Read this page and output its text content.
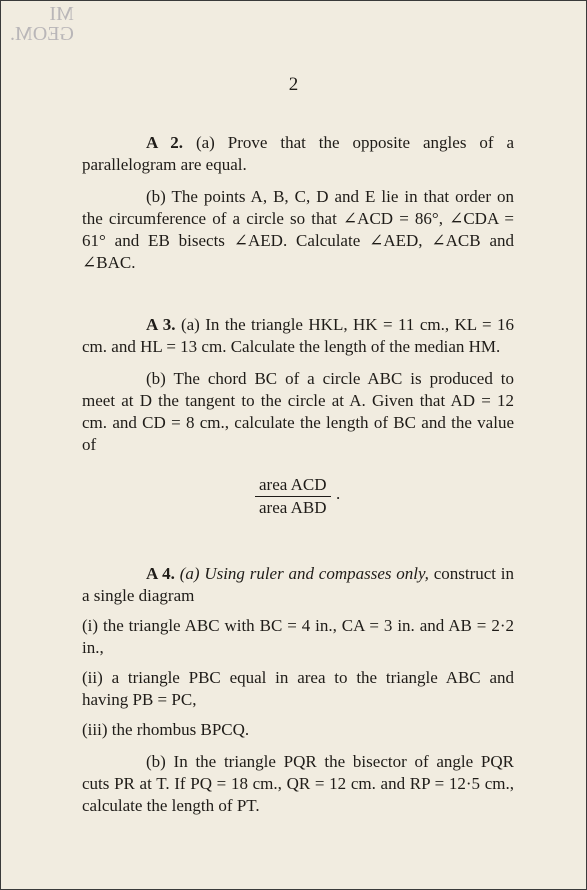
MI
GEOM.
2

A 2. (a) Prove that the opposite angles of a parallelogram are equal.

(b) The points A, B, C, D and E lie in that order on the circumference of a circle so that ∠ACD = 86°, ∠CDA = 61° and EB bisects ∠AED. Calculate ∠AED, ∠ACB and ∠BAC.

A 3. (a) In the triangle HKL, HK = 11 cm., KL = 16 cm. and HL = 13 cm. Calculate the length of the median HM.

(b) The chord BC of a circle ABC is produced to meet at D the tangent to the circle at A. Given that AD = 12 cm. and CD = 8 cm., calculate the length of BC and the value of

area ACD
area ABD
.

A 4. (a) Using ruler and compasses only, construct in a single diagram

(i) the triangle ABC with BC = 4 in., CA = 3 in. and AB = 2·2 in.,

(ii) a triangle PBC equal in area to the triangle ABC and having PB = PC,

(iii) the rhombus BPCQ.

(b) In the triangle PQR the bisector of angle PQR cuts PR at T. If PQ = 18 cm., QR = 12 cm. and RP = 12·5 cm., calculate the length of PT.
